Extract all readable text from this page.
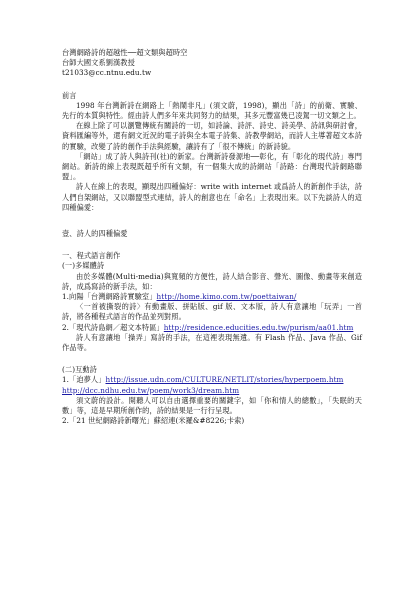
台灣網路詩的超越性──超文類與超時空
台師大國文系劉漢教授
t21033@cc.ntnu.edu.tw
前言
1998 年台灣新詩在網路上「熱鬧非凡」(須文蔚，1998)，顯出「詩」的前衛、實驗、先行的本質與特性。經由詩人們多年來共同努力的結果，其多元豐富幾已凌駕一切文類之上。
在線上除了可以瀏覽傳統有關詩的一切，如詩論、詩評、詩史、詩美學、詩訊與研討會，資料匯編等外，還有網文近況的電子詩與全本電子詩集、詩教學網站，而詩人主導著超文本詩的實驗，改變了詩的創作手法與經驗，讓詩有了「很不傳統」的新詩貌。
「網站」成了詩人與詩刊(社)的新家。台灣新詩發源地──彰化，有「彰化的現代詩」專門網站。新詩的線上表現既超乎所有文類，有一個集大成的詩網站「詩路：台灣現代詩網路聯盟」。
詩人在線上的表現，顯現出四種偏好：write with internet 或爲詩人的新創作手法，詩人們自架網站，又以聯盟型式連結，詩人的創意也在「命名」上表現出來。以下先談詩人的這四種偏愛：
壹、詩人的四種偏愛
一、程式語言創作
(一)多媒體詩
由於多媒體(Multi-media)與寬頻的方便性，詩人結合影音、聲光、圖像、動畫等來創造詩，成爲寫詩的新手法，如：
1.向陽「台灣網路詩實驗室」http://home.kimo.com.tw/poettaiwan/
〈一首被撕裂的詩〉有動畫版、拼貼版、gif 版、文本版，詩人有意讓地「玩弄」一首詩，將各種程式語言的作品並列對照。
2.「現代詩島網／超文本特區」http://residence.educities.edu.tw/purism/aa01.htm
詩人有意讓地「操弄」寫詩的手法，在這裡表現無遺。有 Flash 作品、Java 作品、Gif 作品等。
(二)互動詩
1.「迫夢人」http://issue.udn.com/CULTURE/NETLIT/stories/hyperpoem.htm
http://dcc.ndhu.edu.tw/poem/work3/dream.htm
須文蔚的設計。開聽人可以自由選擇重要的關鍵字，如「你和情人的總數」，「失眠的天數」等，這是早期所創作的，詩的結果是一行行呈現。
2.「21 世紀網路詩新曙光」蘇紹連(米羅&#8226;卡索)
